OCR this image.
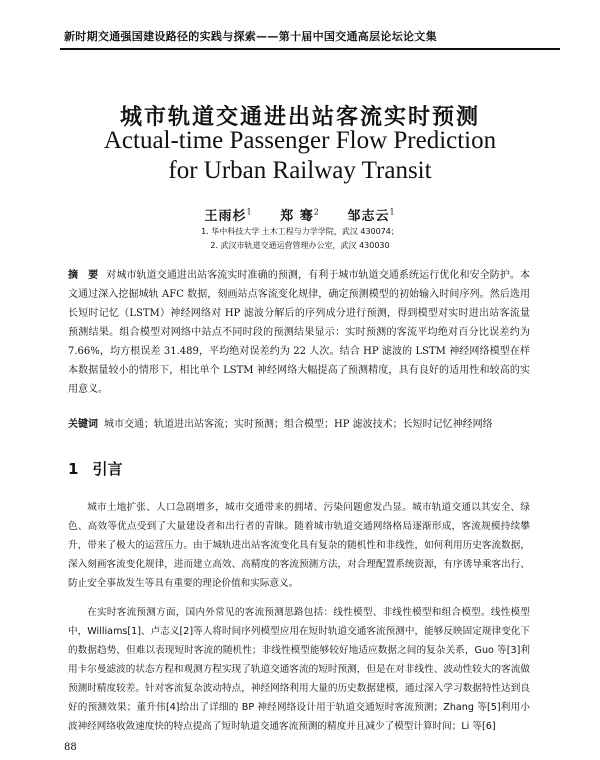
新时期交通强国建设路径的实践与探索——第十届中国交通高层论坛论文集
城市轨道交通进出站客流实时预测
Actual-time Passenger Flow Prediction
for Urban Railway Transit
王雨杉$^1$ 郑 骞$^2$ 邹志云$^1$
1. 华中科技大学 土木工程与力学学院，武汉 430074；
2. 武汉市轨道交通运营管理办公室，武汉 430030
摘　要 对城市轨道交通进出站客流实时准确的预测，有利于城市轨道交通系统运行优化和安全防护。本文通过深入挖掘城轨 AFC 数据，刻画站点客流变化规律，确定预测模型的初始输入时间序列。然后选用长短时记忆（LSTM）神经网络对 HP 滤波分解后的序列成分进行预测，得到模型对实时进出站客流量预测结果。组合模型对网络中站点不同时段的预测结果显示：实时预测的客流平均绝对百分比误差约为 7.66%，均方根误差 31.489，平均绝对误差约为 22 人次。结合 HP 滤波的 LSTM 神经网络模型在样本数据量较小的情形下，相比单个 LSTM 神经网络大幅提高了预测精度，具有良好的适用性和较高的实用意义。
关键词 城市交通；轨道进出站客流；实时预测；组合模型；HP 滤波技术；长短时记忆神经网络
1 引言

城市土地扩张、人口急剧增多，城市交通带来的拥堵、污染问题愈发凸显。城市轨道交通以其安全、绿色、高效等优点受到了大量建设者和出行者的青睐。随着城市轨道交通网络格局逐渐形成，客流规模持续攀升，带来了极大的运营压力。由于城轨进出站客流变化具有复杂的随机性和非线性，如何利用历史客流数据，深入刻画客流变化规律，进而建立高效、高精度的客流预测方法，对合理配置系统资源，有序诱导乘客出行、防止安全事故发生等具有重要的理论价值和实际意义。

在实时客流预测方面，国内外常见的客流预测思路包括：线性模型、非线性模型和组合模型。线性模型中，Williams[1]、卢志义[2]等人将时间序列模型应用在短时轨道交通客流预测中，能够反映固定规律变化下的数据趋势，但难以表现短时客流的随机性；非线性模型能够较好地适应数据之间的复杂关系，Guo 等[3]利用卡尔曼滤波的状态方程和观测方程实现了轨道交通客流的短时预测，但是在对非线性、波动性较大的客流做预测时精度较差。针对客流复杂波动特点，神经网络利用大量的历史数据建模，通过深入学习数据特性达到良好的预测效果；董升伟[4]给出了详细的 BP 神经网络设计用于轨道交通短时客流预测；Zhang 等[5]利用小波神经网络收敛速度快的特点提高了短时轨道交通客流预测的精度并且减少了模型计算时间；Li 等[6]

88
